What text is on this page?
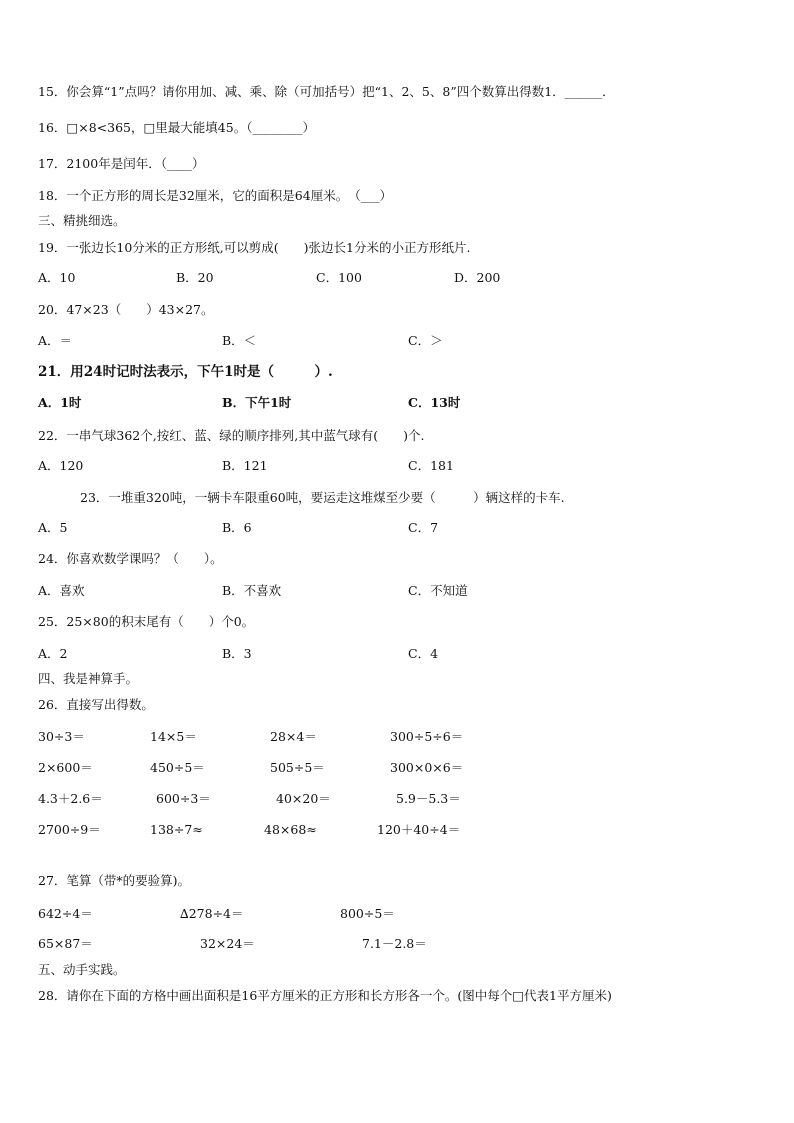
15．你会算“1”点吗？请你用加、减、乘、除（可加括号）把“1、2、5、8”四个数算出得数1．______．
16．□×8<365，□里最大能填45。（________）
17．2100年是闰年．（____）
18．一个正方形的周长是32厘米，它的面积是64厘米。　（___）
三、精挑细选。
19．一张边长10分米的正方形纸,可以剪成(　　)张边长1分米的小正方形纸片.
A．10	B．20	C．100	D．200
20．47×23（　　）43×27。
A．＝	B．＜	C．＞
21．用24时记时法表示，下午1时是（　　　）.
A．1时	B．下午1时	C．13时
22．一串气球362个,按红、蓝、绿的顺序排列,其中蓝气球有(　　)个.
A．120	B．121	C．181
23．一堆重320吨，一辆卡车限重60吨，要运走这堆煤至少要（　　　）辆这样的卡车.
A．5	B．6	C．7
24．你喜欢数学课吗？（　　）。
A．喜欢	B．不喜欢	C．不知道
25．25×80的积末尾有（　　）个0。
A．2	B．3	C．4
四、我是神算手。
26．直接写出得数。
30÷3＝	14×5＝	28×4＝	300÷5÷6＝
2×600＝	450÷5＝	505÷5＝	300×0×6＝
4.3＋2.6＝	600÷3＝	40×20＝	5.9－5.3＝
2700÷9＝	138÷7≈	48×68≈	120＋40÷4＝
27．笔算（带*的要验算)。
642÷4＝	∆278÷4＝	800÷5＝
65×87＝	32×24＝	7.1－2.8＝
五、动手实践。
28．请你在下面的方格中画出面积是16平方厘米的正方形和长方形各一个。(图中每个□代表1平方厘米)
